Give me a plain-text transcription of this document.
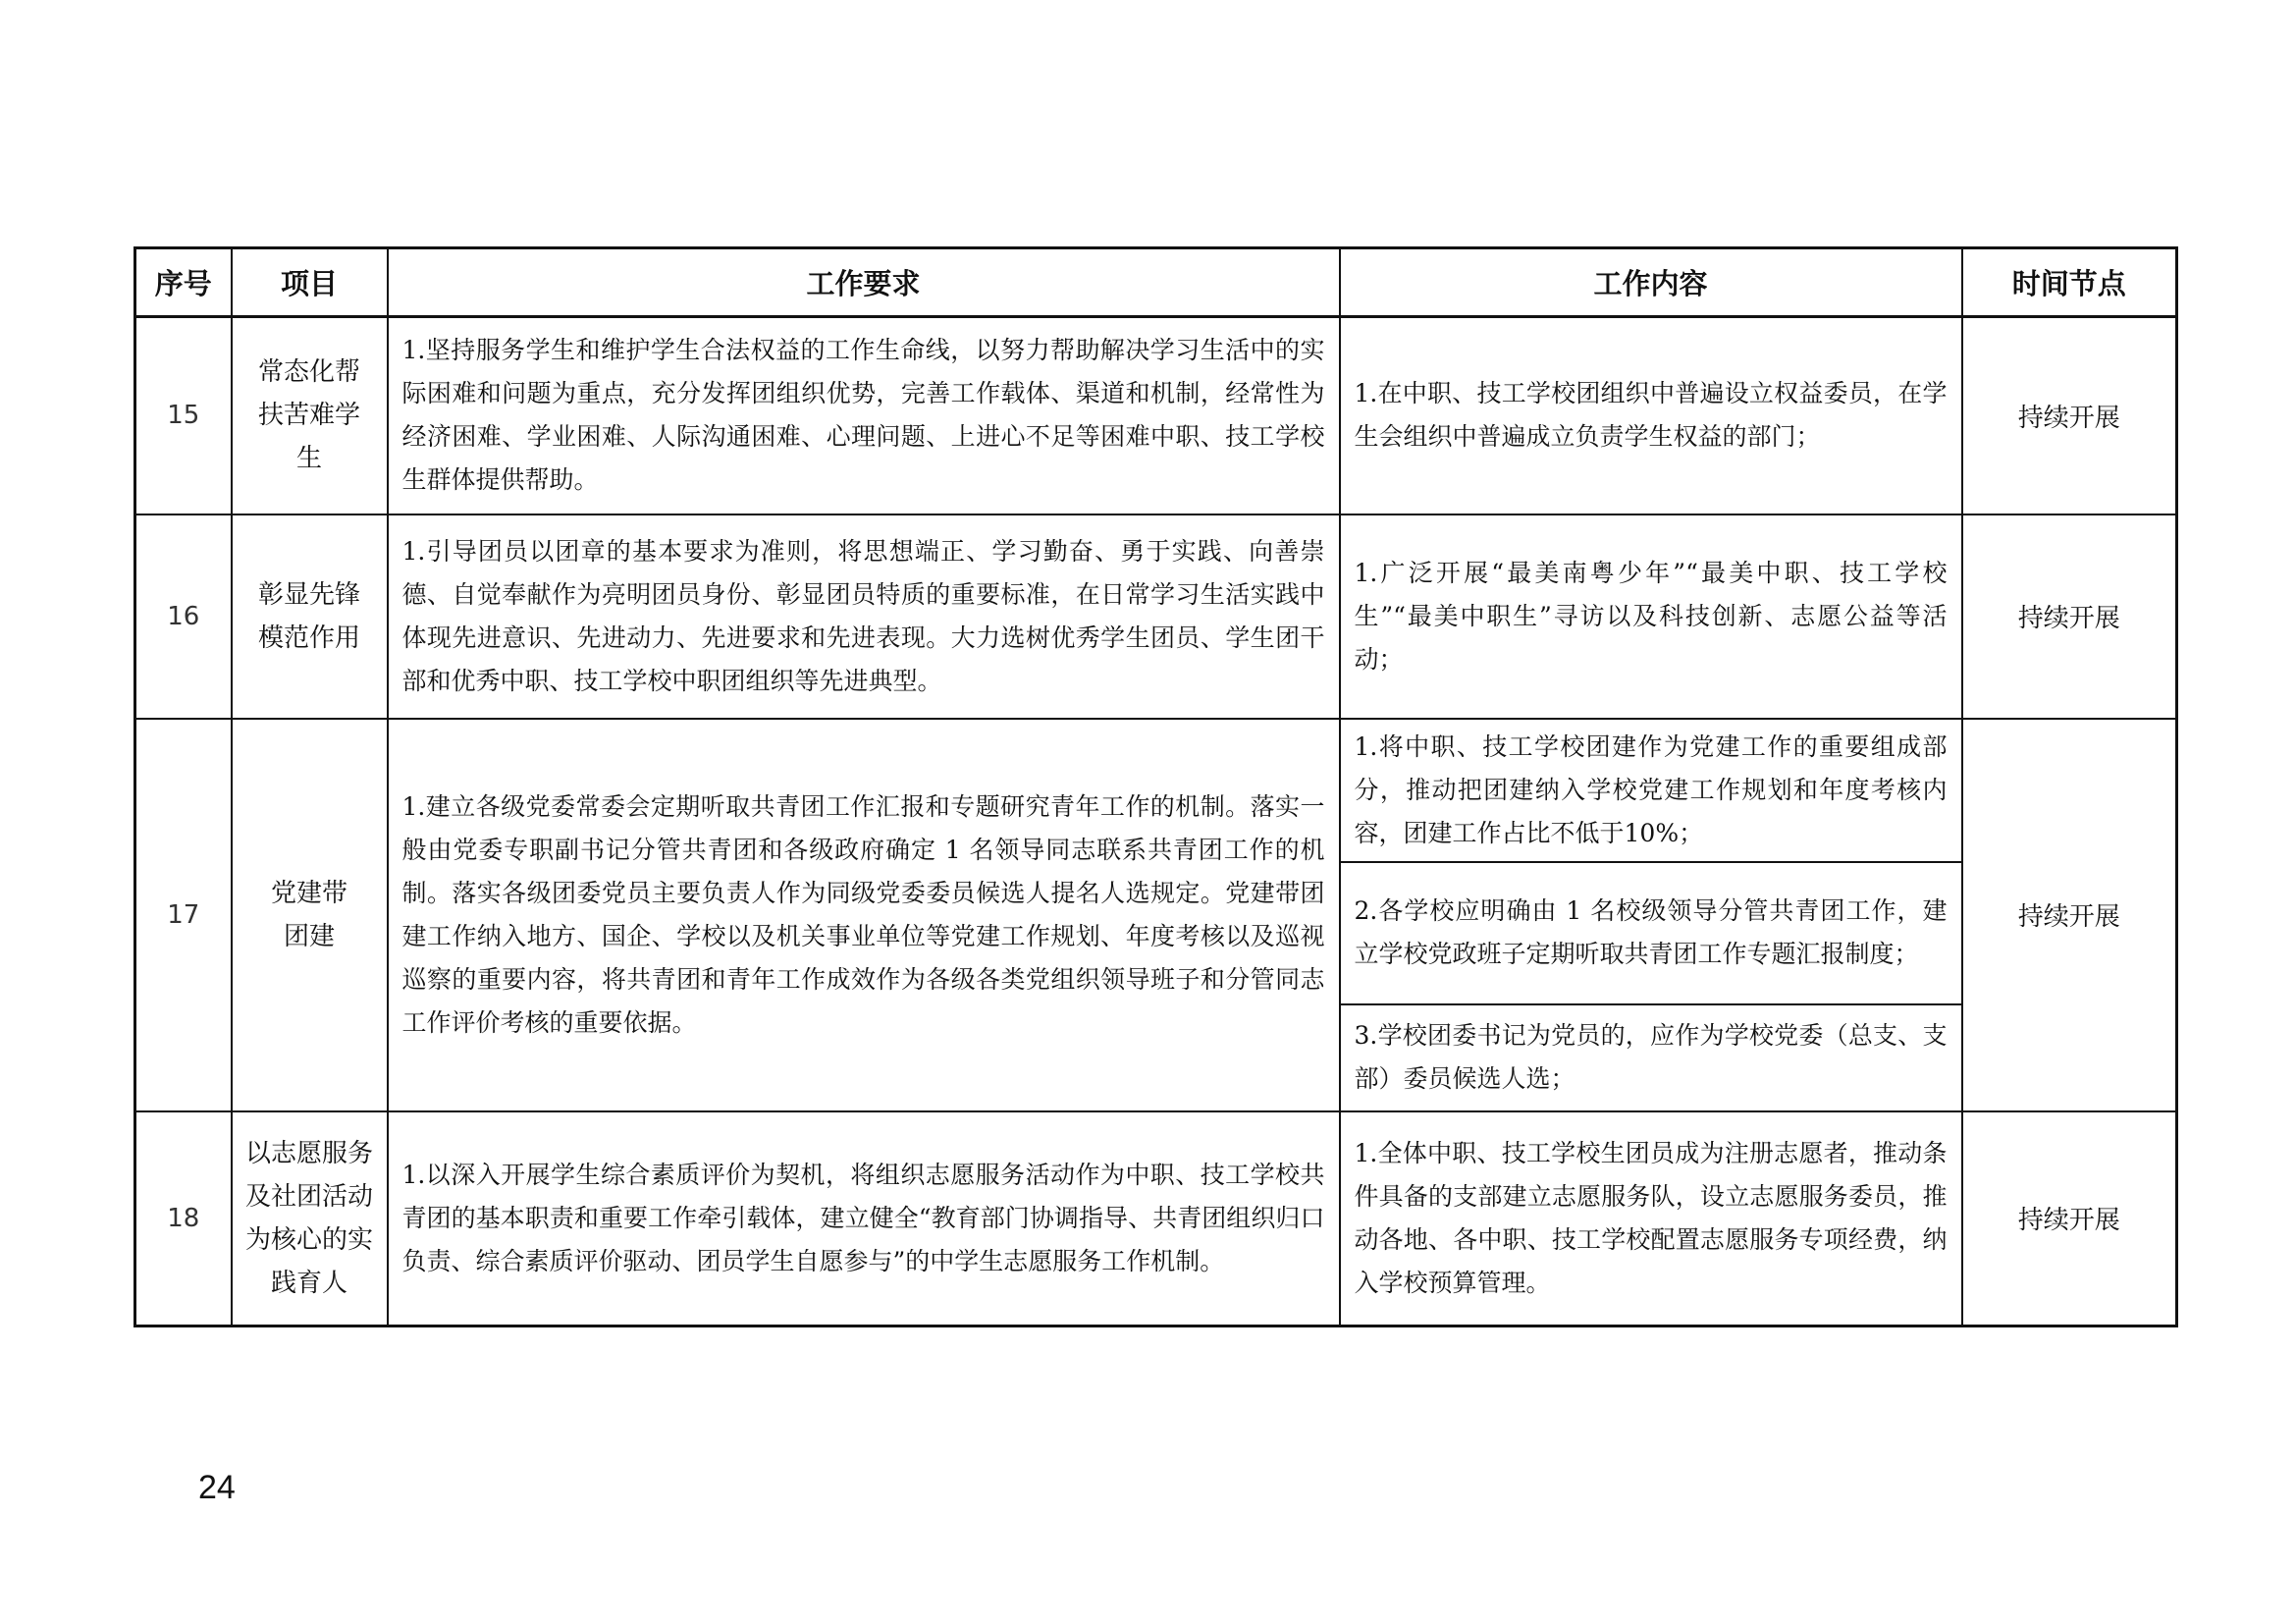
序号	项目	工作要求	工作内容	时间节点
15	常态化帮扶苦难学生	1.坚持服务学生和维护学生合法权益的工作生命线，以努力帮助解决学习生活中的实际困难和问题为重点，充分发挥团组织优势，完善工作载体、渠道和机制，经常性为经济困难、学业困难、人际沟通困难、心理问题、上进心不足等困难中职、技工学校生群体提供帮助。	1.在中职、技工学校团组织中普遍设立权益委员，在学生会组织中普遍成立负责学生权益的部门；	持续开展
16	彰显先锋模范作用	1.引导团员以团章的基本要求为准则，将思想端正、学习勤奋、勇于实践、向善崇德、自觉奉献作为亮明团员身份、彰显团员特质的重要标准，在日常学习生活实践中体现先进意识、先进动力、先进要求和先进表现。大力选树优秀学生团员、学生团干部和优秀中职、技工学校中职团组织等先进典型。	1.广泛开展“最美南粤少年”“最美中职、技工学校生”“最美中职生”寻访以及科技创新、志愿公益等活动；	持续开展
17	党建带团建	1.建立各级党委常委会定期听取共青团工作汇报和专题研究青年工作的机制。落实一般由党委专职副书记分管共青团和各级政府确定 1 名领导同志联系共青团工作的机制。落实各级团委党员主要负责人作为同级党委委员候选人提名人选规定。党建带团建工作纳入地方、国企、学校以及机关事业单位等党建工作规划、年度考核以及巡视巡察的重要内容，将共青团和青年工作成效作为各级各类党组织领导班子和分管同志工作评价考核的重要依据。	1.将中职、技工学校团建作为党建工作的重要组成部分，推动把团建纳入学校党建工作规划和年度考核内容，团建工作占比不低于10%；	持续开展
			2.各学校应明确由 1 名校级领导分管共青团工作，建立学校党政班子定期听取共青团工作专题汇报制度；	
			3.学校团委书记为党员的，应作为学校党委（总支、支部）委员候选人选；	
18	以志愿服务及社团活动为核心的实践育人	1.以深入开展学生综合素质评价为契机，将组织志愿服务活动作为中职、技工学校共青团的基本职责和重要工作牵引载体，建立健全“教育部门协调指导、共青团组织归口负责、综合素质评价驱动、团员学生自愿参与”的中学生志愿服务工作机制。	1.全体中职、技工学校生团员成为注册志愿者，推动条件具备的支部建立志愿服务队，设立志愿服务委员，推动各地、各中职、技工学校配置志愿服务专项经费，纳入学校预算管理。	持续开展
24
